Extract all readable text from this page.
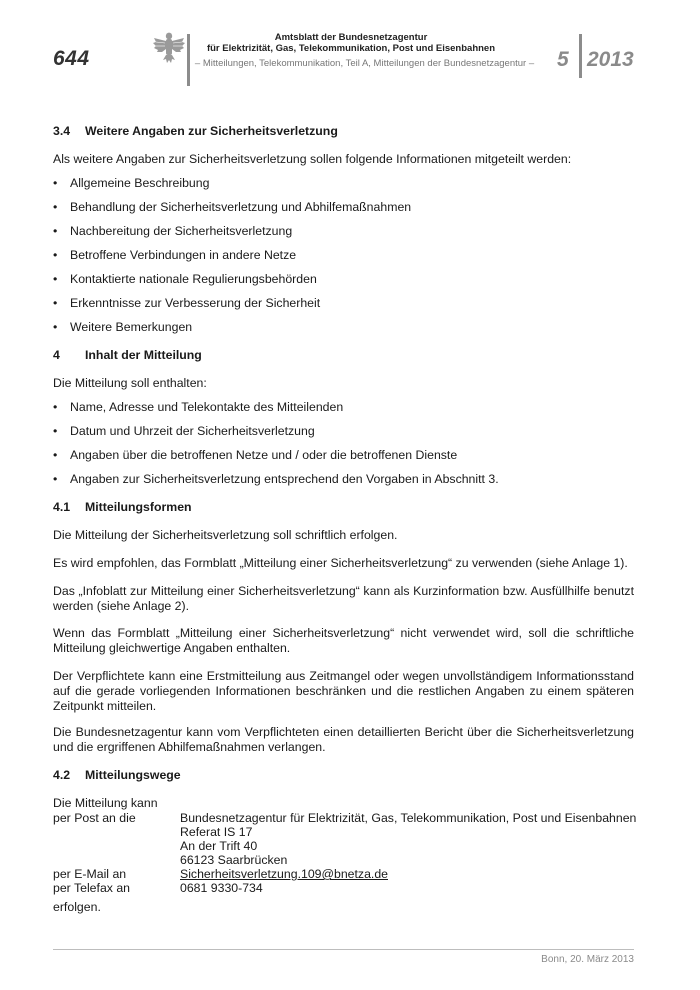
644
Amtsblatt der Bundesnetzagentur
für Elektrizität, Gas, Telekommunikation, Post und Eisenbahnen
– Mitteilungen, Telekommunikation, Teil A, Mitteilungen der Bundesnetzagentur – 5 2013
3.4 Weitere Angaben zur Sicherheitsverletzung
Als weitere Angaben zur Sicherheitsverletzung sollen folgende Informationen mitgeteilt werden:
• Allgemeine Beschreibung
• Behandlung der Sicherheitsverletzung und Abhilfemaßnahmen
• Nachbereitung der Sicherheitsverletzung
• Betroffene Verbindungen in andere Netze
• Kontaktierte nationale Regulierungsbehörden
• Erkenntnisse zur Verbesserung der Sicherheit
• Weitere Bemerkungen
4 Inhalt der Mitteilung
Die Mitteilung soll enthalten:
• Name, Adresse und Telekontakte des Mitteilenden
• Datum und Uhrzeit der Sicherheitsverletzung
• Angaben über die betroffenen Netze und / oder die betroffenen Dienste
• Angaben zur Sicherheitsverletzung entsprechend den Vorgaben in Abschnitt 3.
4.1 Mitteilungsformen
Die Mitteilung der Sicherheitsverletzung soll schriftlich erfolgen.
Es wird empfohlen, das Formblatt „Mitteilung einer Sicherheitsverletzung“ zu verwenden (siehe Anlage 1).
Das „Infoblatt zur Mitteilung einer Sicherheitsverletzung“ kann als Kurzinformation bzw. Ausfüllhilfe benutzt werden (siehe Anlage 2).
Wenn das Formblatt „Mitteilung einer Sicherheitsverletzung“ nicht verwendet wird, soll die schriftliche Mitteilung gleichwertige Angaben enthalten.
Der Verpflichtete kann eine Erstmitteilung aus Zeitmangel oder wegen unvollständigem Informationsstand auf die gerade vorliegenden Informationen beschränken und die restlichen Angaben zu einem späteren Zeitpunkt mitteilen.
Die Bundesnetzagentur kann vom Verpflichteten einen detaillierten Bericht über die Sicherheitsverletzung und die ergriffenen Abhilfemaßnahmen verlangen.
4.2 Mitteilungswege
Die Mitteilung kann
per Post an die	Bundesnetzagentur für Elektrizität, Gas, Telekommunikation, Post und Eisenbahnen
Referat IS 17
An der Trift 40
66123 Saarbrücken
per E-Mail an	Sicherheitsverletzung.109@bnetza.de
per Telefax an	0681 9330-734
erfolgen.
Bonn, 20. März 2013
